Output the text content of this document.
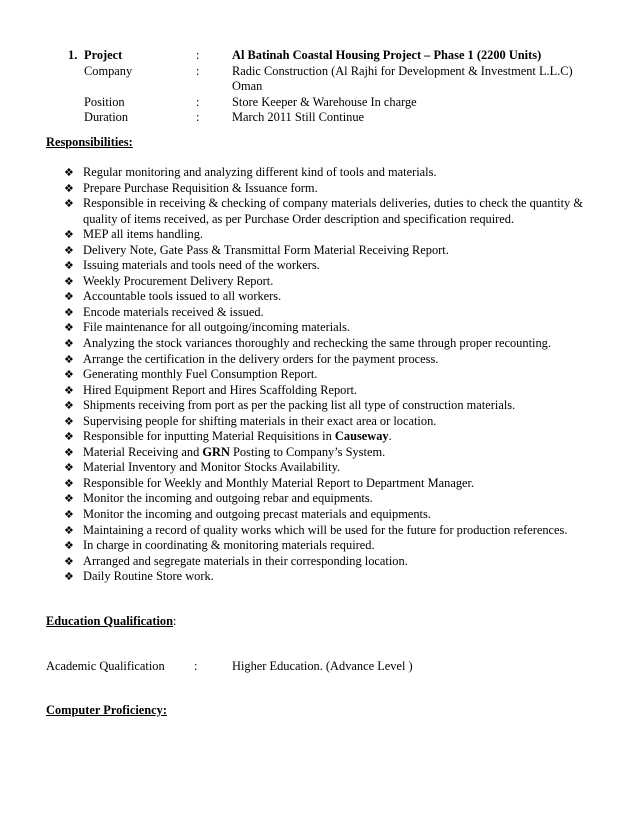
1. Project	:	Al Batinah Coastal Housing Project – Phase 1 (2200 Units)
Company	:	Radic Construction (Al Rajhi for Development & Investment L.L.C)
Oman
Position	:	Store Keeper & Warehouse In charge
Duration	:	March 2011 Still Continue
Responsibilities:
❖ Regular monitoring and analyzing different kind of tools and materials.
❖ Prepare Purchase Requisition & Issuance form.
❖ Responsible in receiving & checking of company materials deliveries, duties to check the quantity & quality of items received, as per Purchase Order description and specification required.
❖ MEP all items handling.
❖ Delivery Note, Gate Pass & Transmittal Form Material Receiving Report.
❖ Issuing materials and tools need of the workers.
❖ Weekly Procurement Delivery Report.
❖ Accountable tools issued to all workers.
❖ Encode materials received & issued.
❖ File maintenance for all outgoing/incoming materials.
❖ Analyzing the stock variances thoroughly and rechecking the same through proper recounting.
❖ Arrange the certification in the delivery orders for the payment process.
❖ Generating monthly Fuel Consumption Report.
❖ Hired Equipment Report and Hires Scaffolding Report.
❖ Shipments receiving from port as per the packing list all type of construction materials.
❖ Supervising people for shifting materials in their exact area or location.
❖ Responsible for inputting Material Requisitions in Causeway.
❖ Material Receiving and GRN Posting to Company’s System.
❖ Material Inventory and Monitor Stocks Availability.
❖ Responsible for Weekly and Monthly Material Report to Department Manager.
❖ Monitor the incoming and outgoing rebar and equipments.
❖ Monitor the incoming and outgoing precast materials and equipments.
❖ Maintaining a record of quality works which will be used for the future for production references.
❖ In charge in coordinating & monitoring materials required.
❖ Arranged and segregate materials in their corresponding location.
❖ Daily Routine Store work.
Education Qualification:
Academic Qualification	:	Higher Education. (Advance Level )
Computer Proficiency:
